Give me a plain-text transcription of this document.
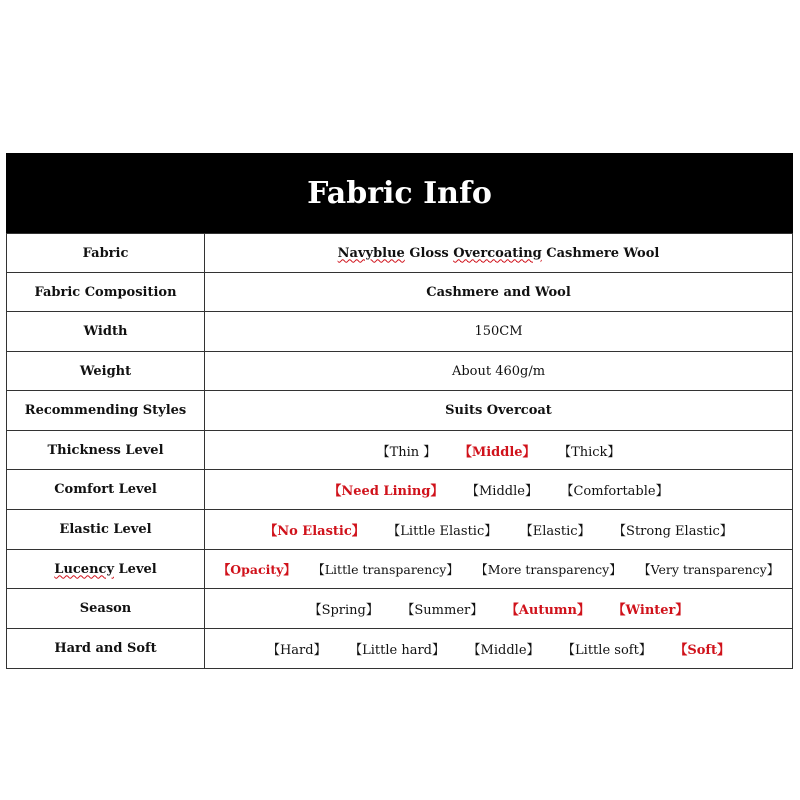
Fabric Info
Fabric	Navyblue Gloss Overcoating Cashmere Wool
Fabric Composition	Cashmere and Wool
Width	150CM
Weight	About 460g/m
Recommending Styles	Suits Overcoat
Thickness Level	【Thin 】 【Middle】 【Thick】
Comfort Level	【Need Lining】 【Middle】 【Comfortable】
Elastic Level	【No Elastic】 【Little Elastic】 【Elastic】 【Strong Elastic】
Lucency Level	【Opacity】 【Little transparency】 【More transparency】 【Very transparency】
Season	【Spring】 【Summer】 【Autumn】 【Winter】
Hard and Soft	【Hard】 【Little hard】 【Middle】 【Little soft】 【Soft】
